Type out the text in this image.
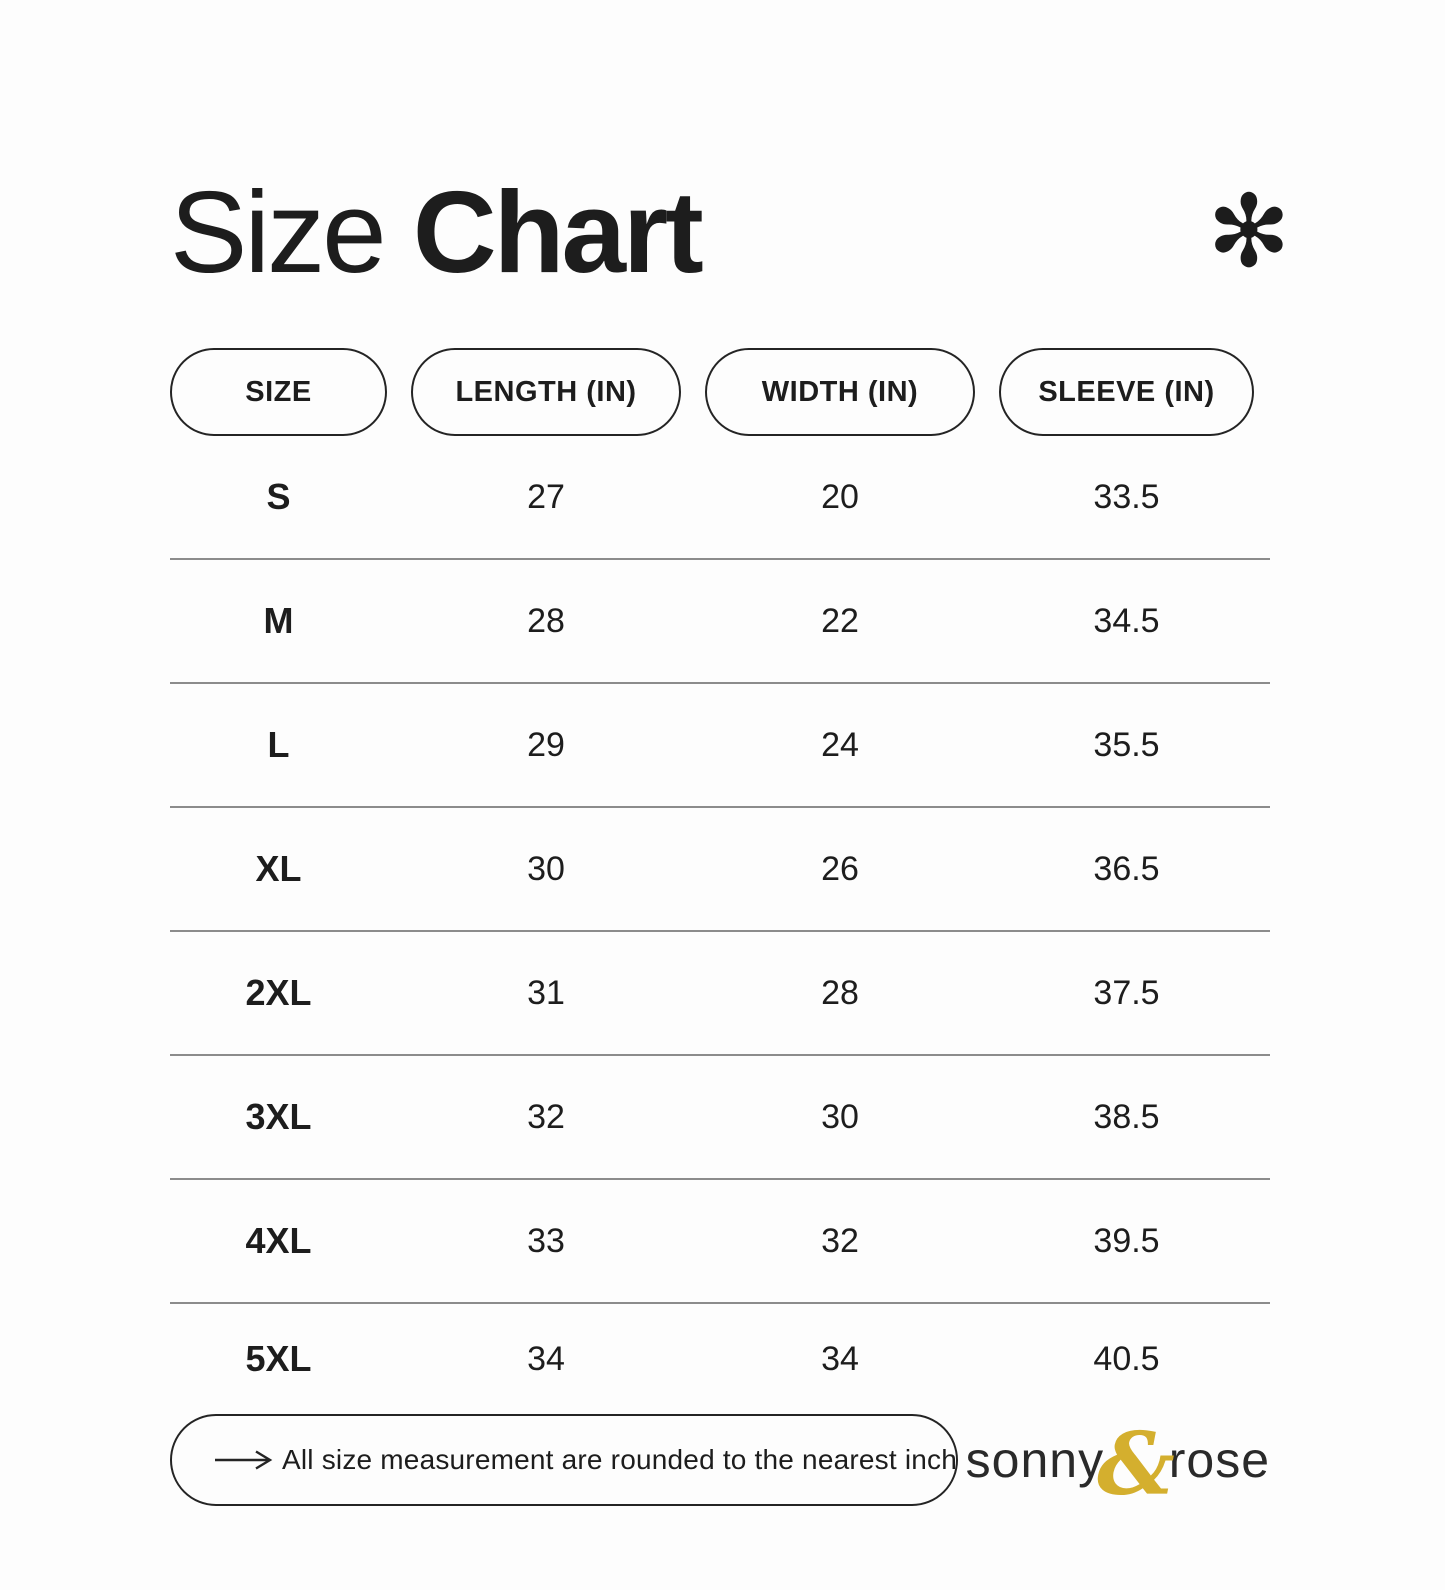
Size Chart
SIZE	LENGTH (IN)	WIDTH (IN)	SLEEVE (IN)
S	27	20	33.5
M	28	22	34.5
L	29	24	35.5
XL	30	26	36.5
2XL	31	28	37.5
3XL	32	30	38.5
4XL	33	32	39.5
5XL	34	34	40.5
All size measurement are rounded to the nearest inch sonny
&
rose
✻
